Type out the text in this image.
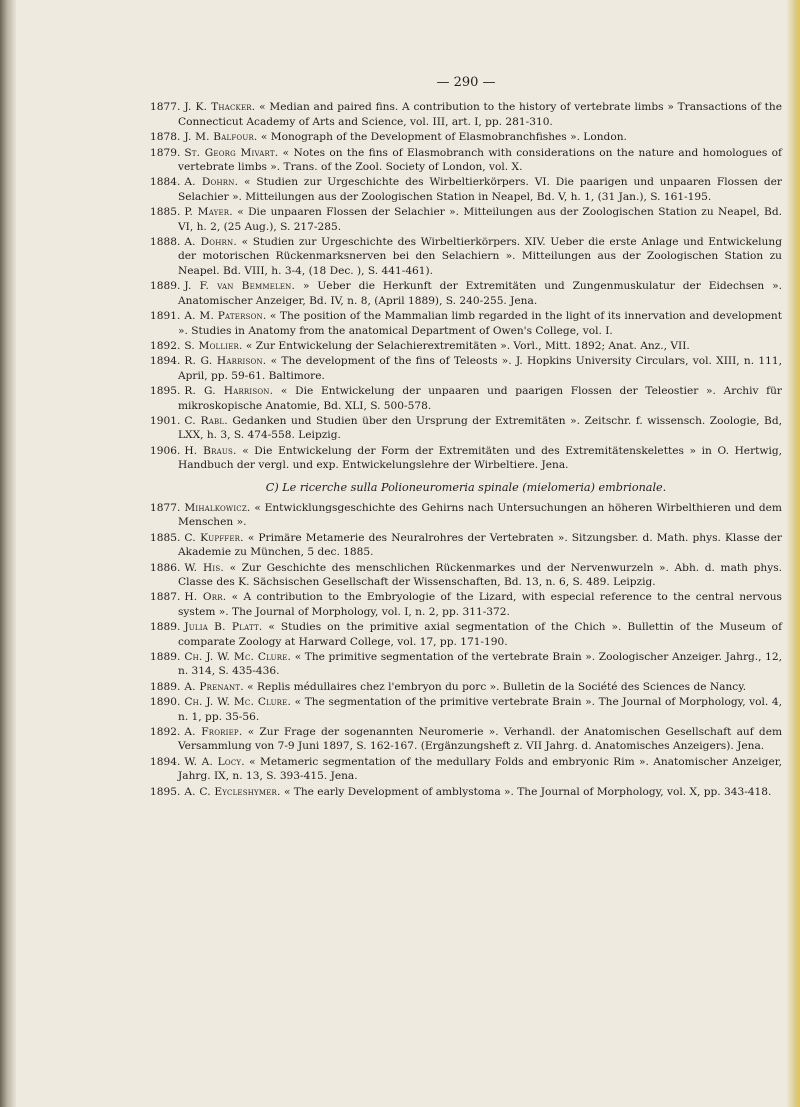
— 290 —

1877. J. K. Thacker. « Median and paired fins. A contribution to the history of vertebrate limbs » Transactions of the Connecticut Academy of Arts and Science, vol. III, art. I, pp. 281-310.

1878. J. M. Balfour. « Monograph of the Development of Elasmobranchfishes ». London.

1879. St. Georg Mivart. « Notes on the fins of Elasmobranch with considerations on the nature and homologues of vertebrate limbs ». Trans. of the Zool. Society of London, vol. X.

1884. A. Dohrn. « Studien zur Urgeschichte des Wirbeltierkörpers. VI. Die paarigen und unpaaren Flossen der Selachier ». Mitteilungen aus der Zoologischen Station in Neapel, Bd. V, h. 1, (31 Jan.), S. 161-195.

1885. P. Mayer. « Die unpaaren Flossen der Selachier ». Mitteilungen aus der Zoologischen Station zu Neapel, Bd. VI, h. 2, (25 Aug.), S. 217-285.

1888. A. Dohrn. « Studien zur Urgeschichte des Wirbeltierkörpers. XIV. Ueber die erste Anlage und Entwickelung der motorischen Rückenmarksnerven bei den Selachiern ». Mitteilungen aus der Zoologischen Station zu Neapel. Bd. VIII, h. 3-4, (18 Dec. ), S. 441-461).

1889. J. F. van Bemmelen. » Ueber die Herkunft der Extremitäten und Zungenmuskulatur der Eidechsen ». Anatomischer Anzeiger, Bd. IV, n. 8, (April 1889), S. 240-255. Jena.

1891. A. M. Paterson. « The position of the Mammalian limb regarded in the light of its innervation and development ». Studies in Anatomy from the anatomical Department of Owen's College, vol. I.

1892. S. Mollier. « Zur Entwickelung der Selachierextremitäten ». Vorl., Mitt. 1892; Anat. Anz., VII.

1894. R. G. Harrison. « The development of the fins of Teleosts ». J. Hopkins University Circulars, vol. XIII, n. 111, April, pp. 59-61. Baltimore.

1895. R. G. Harrison. « Die Entwickelung der unpaaren und paarigen Flossen der Teleostier ». Archiv für mikroskopische Anatomie, Bd. XLI, S. 500-578.

1901. C. Rabl. Gedanken und Studien über den Ursprung der Extremitäten ». Zeitschr. f. wissensch. Zoologie, Bd, LXX, h. 3, S. 474-558. Leipzig.

1906. H. Braus. « Die Entwickelung der Form der Extremitäten und des Extremitätenskelettes » in O. Hertwig, Handbuch der vergl. und exp. Entwickelungslehre der Wirbeltiere. Jena.

C) Le ricerche sulla Polioneuromeria spinale (mielomeria) embrionale.

1877. Mihalkowicz. « Entwicklungsgeschichte des Gehirns nach Untersuchungen an höheren Wirbelthieren und dem Menschen ».

1885. C. Kupffer. « Primäre Metamerie des Neuralrohres der Vertebraten ». Sitzungsber. d. Math. phys. Klasse der Akademie zu München, 5 dec. 1885.

1886. W. His. « Zur Geschichte des menschlichen Rückenmarkes und der Nervenwurzeln ». Abh. d. math phys. Classe des K. Sächsischen Gesellschaft der Wissenschaften, Bd. 13, n. 6, S. 489. Leipzig.

1887. H. Orr. « A contribution to the Embryologie of the Lizard, with especial reference to the central nervous system ». The Journal of Morphology, vol. I, n. 2, pp. 311-372.

1889. Julia B. Platt. « Studies on the primitive axial segmentation of the Chich ». Bullettin of the Museum of comparate Zoology at Harward College, vol. 17, pp. 171-190.

1889. Ch. J. W. Mc. Clure. « The primitive segmentation of the vertebrate Brain ». Zoologischer Anzeiger. Jahrg., 12, n. 314, S. 435-436.

1889. A. Prenant. « Replis médullaires chez l'embryon du porc ». Bulletin de la Société des Sciences de Nancy.

1890. Ch. J. W. Mc. Clure. « The segmentation of the primitive vertebrate Brain ». The Journal of Morphology, vol. 4, n. 1, pp. 35-56.

1892. A. Froriep. « Zur Frage der sogenannten Neuromerie ». Verhandl. der Anatomischen Gesellschaft auf dem Versammlung von 7-9 Juni 1897, S. 162-167. (Ergänzungsheft z. VII Jahrg. d. Anatomisches Anzeigers). Jena.

1894. W. A. Locy. « Metameric segmentation of the medullary Folds and embryonic Rim ». Anatomischer Anzeiger, Jahrg. IX, n. 13, S. 393-415. Jena.

1895. A. C. Eycleshymer. « The early Development of amblystoma ». The Journal of Morphology, vol. X, pp. 343-418.
